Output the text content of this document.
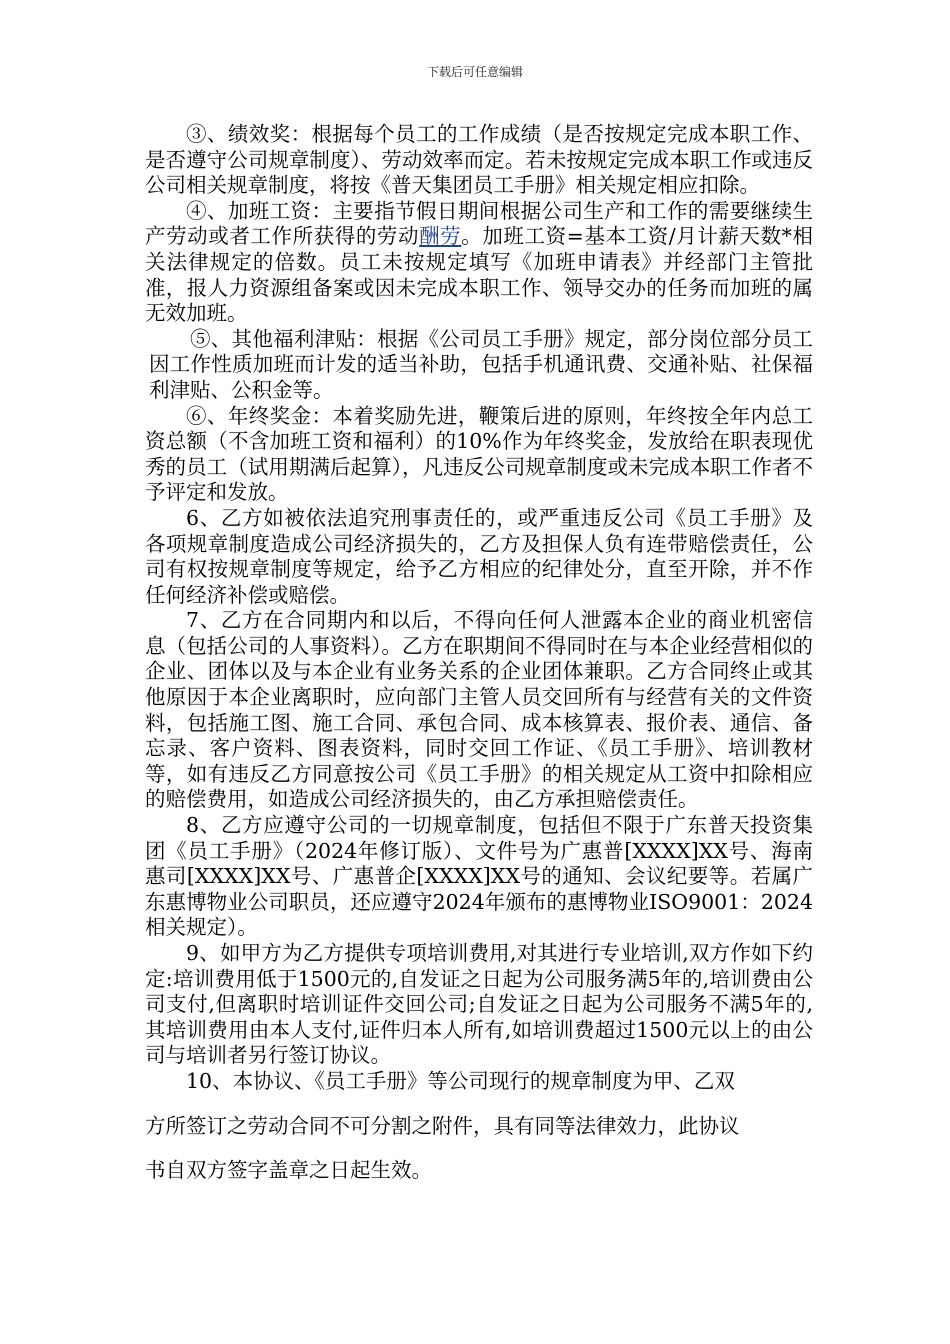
下载后可任意编辑

③、绩效奖：根据每个员工的工作成绩（是否按规定完成本职工作、是否遵守公司规章制度）、劳动效率而定。若未按规定完成本职工作或违反公司相关规章制度，将按《普天集团员工手册》相关规定相应扣除。

④、加班工资：主要指节假日期间根据公司生产和工作的需要继续生产劳动或者工作所获得的劳动酬劳。加班工资=基本工资/月计薪天数*相关法律规定的倍数。员工未按规定填写《加班申请表》并经部门主管批准，报人力资源组备案或因未完成本职工作、领导交办的任务而加班的属无效加班。

⑤、其他福利津贴：根据《公司员工手册》规定，部分岗位部分员工因工作性质加班而计发的适当补助，包括手机通讯费、交通补贴、社保福利津贴、公积金等。

⑥、年终奖金：本着奖励先进，鞭策后进的原则，年终按全年内总工资总额（不含加班工资和福利）的10%作为年终奖金，发放给在职表现优秀的员工（试用期满后起算），凡违反公司规章制度或未完成本职工作者不予评定和发放。

6、乙方如被依法追究刑事责任的，或严重违反公司《员工手册》及各项规章制度造成公司经济损失的，乙方及担保人负有连带赔偿责任，公司有权按规章制度等规定，给予乙方相应的纪律处分，直至开除，并不作任何经济补偿或赔偿。

7、乙方在合同期内和以后，不得向任何人泄露本企业的商业机密信息（包括公司的人事资料）。乙方在职期间不得同时在与本企业经营相似的企业、团体以及与本企业有业务关系的企业团体兼职。乙方合同终止或其他原因于本企业离职时，应向部门主管人员交回所有与经营有关的文件资料，包括施工图、施工合同、承包合同、成本核算表、报价表、通信、备忘录、客户资料、图表资料，同时交回工作证、《员工手册》、培训教材等，如有违反乙方同意按公司《员工手册》的相关规定从工资中扣除相应的赔偿费用，如造成公司经济损失的，由乙方承担赔偿责任。

8、乙方应遵守公司的一切规章制度，包括但不限于广东普天投资集团《员工手册》（2024年修订版）、文件号为广惠普[XXXX]XX号、海南惠司[XXXX]XX号、广惠普企[XXXX]XX号的通知、会议纪要等。若属广东惠博物业公司职员，还应遵守2024年颁布的惠博物业ISO9001：2024相关规定）。

9、如甲方为乙方提供专项培训费用,对其进行专业培训,双方作如下约定:培训费用低于1500元的,自发证之日起为公司服务满5年的,培训费由公司支付,但离职时培训证件交回公司;自发证之日起为公司服务不满5年的,其培训费用由本人支付,证件归本人所有,如培训费超过1500元以上的由公司与培训者另行签订协议。

10、本协议、《员工手册》等公司现行的规章制度为甲、乙双

方所签订之劳动合同不可分割之附件，具有同等法律效力，此协议

书自双方签字盖章之日起生效。
